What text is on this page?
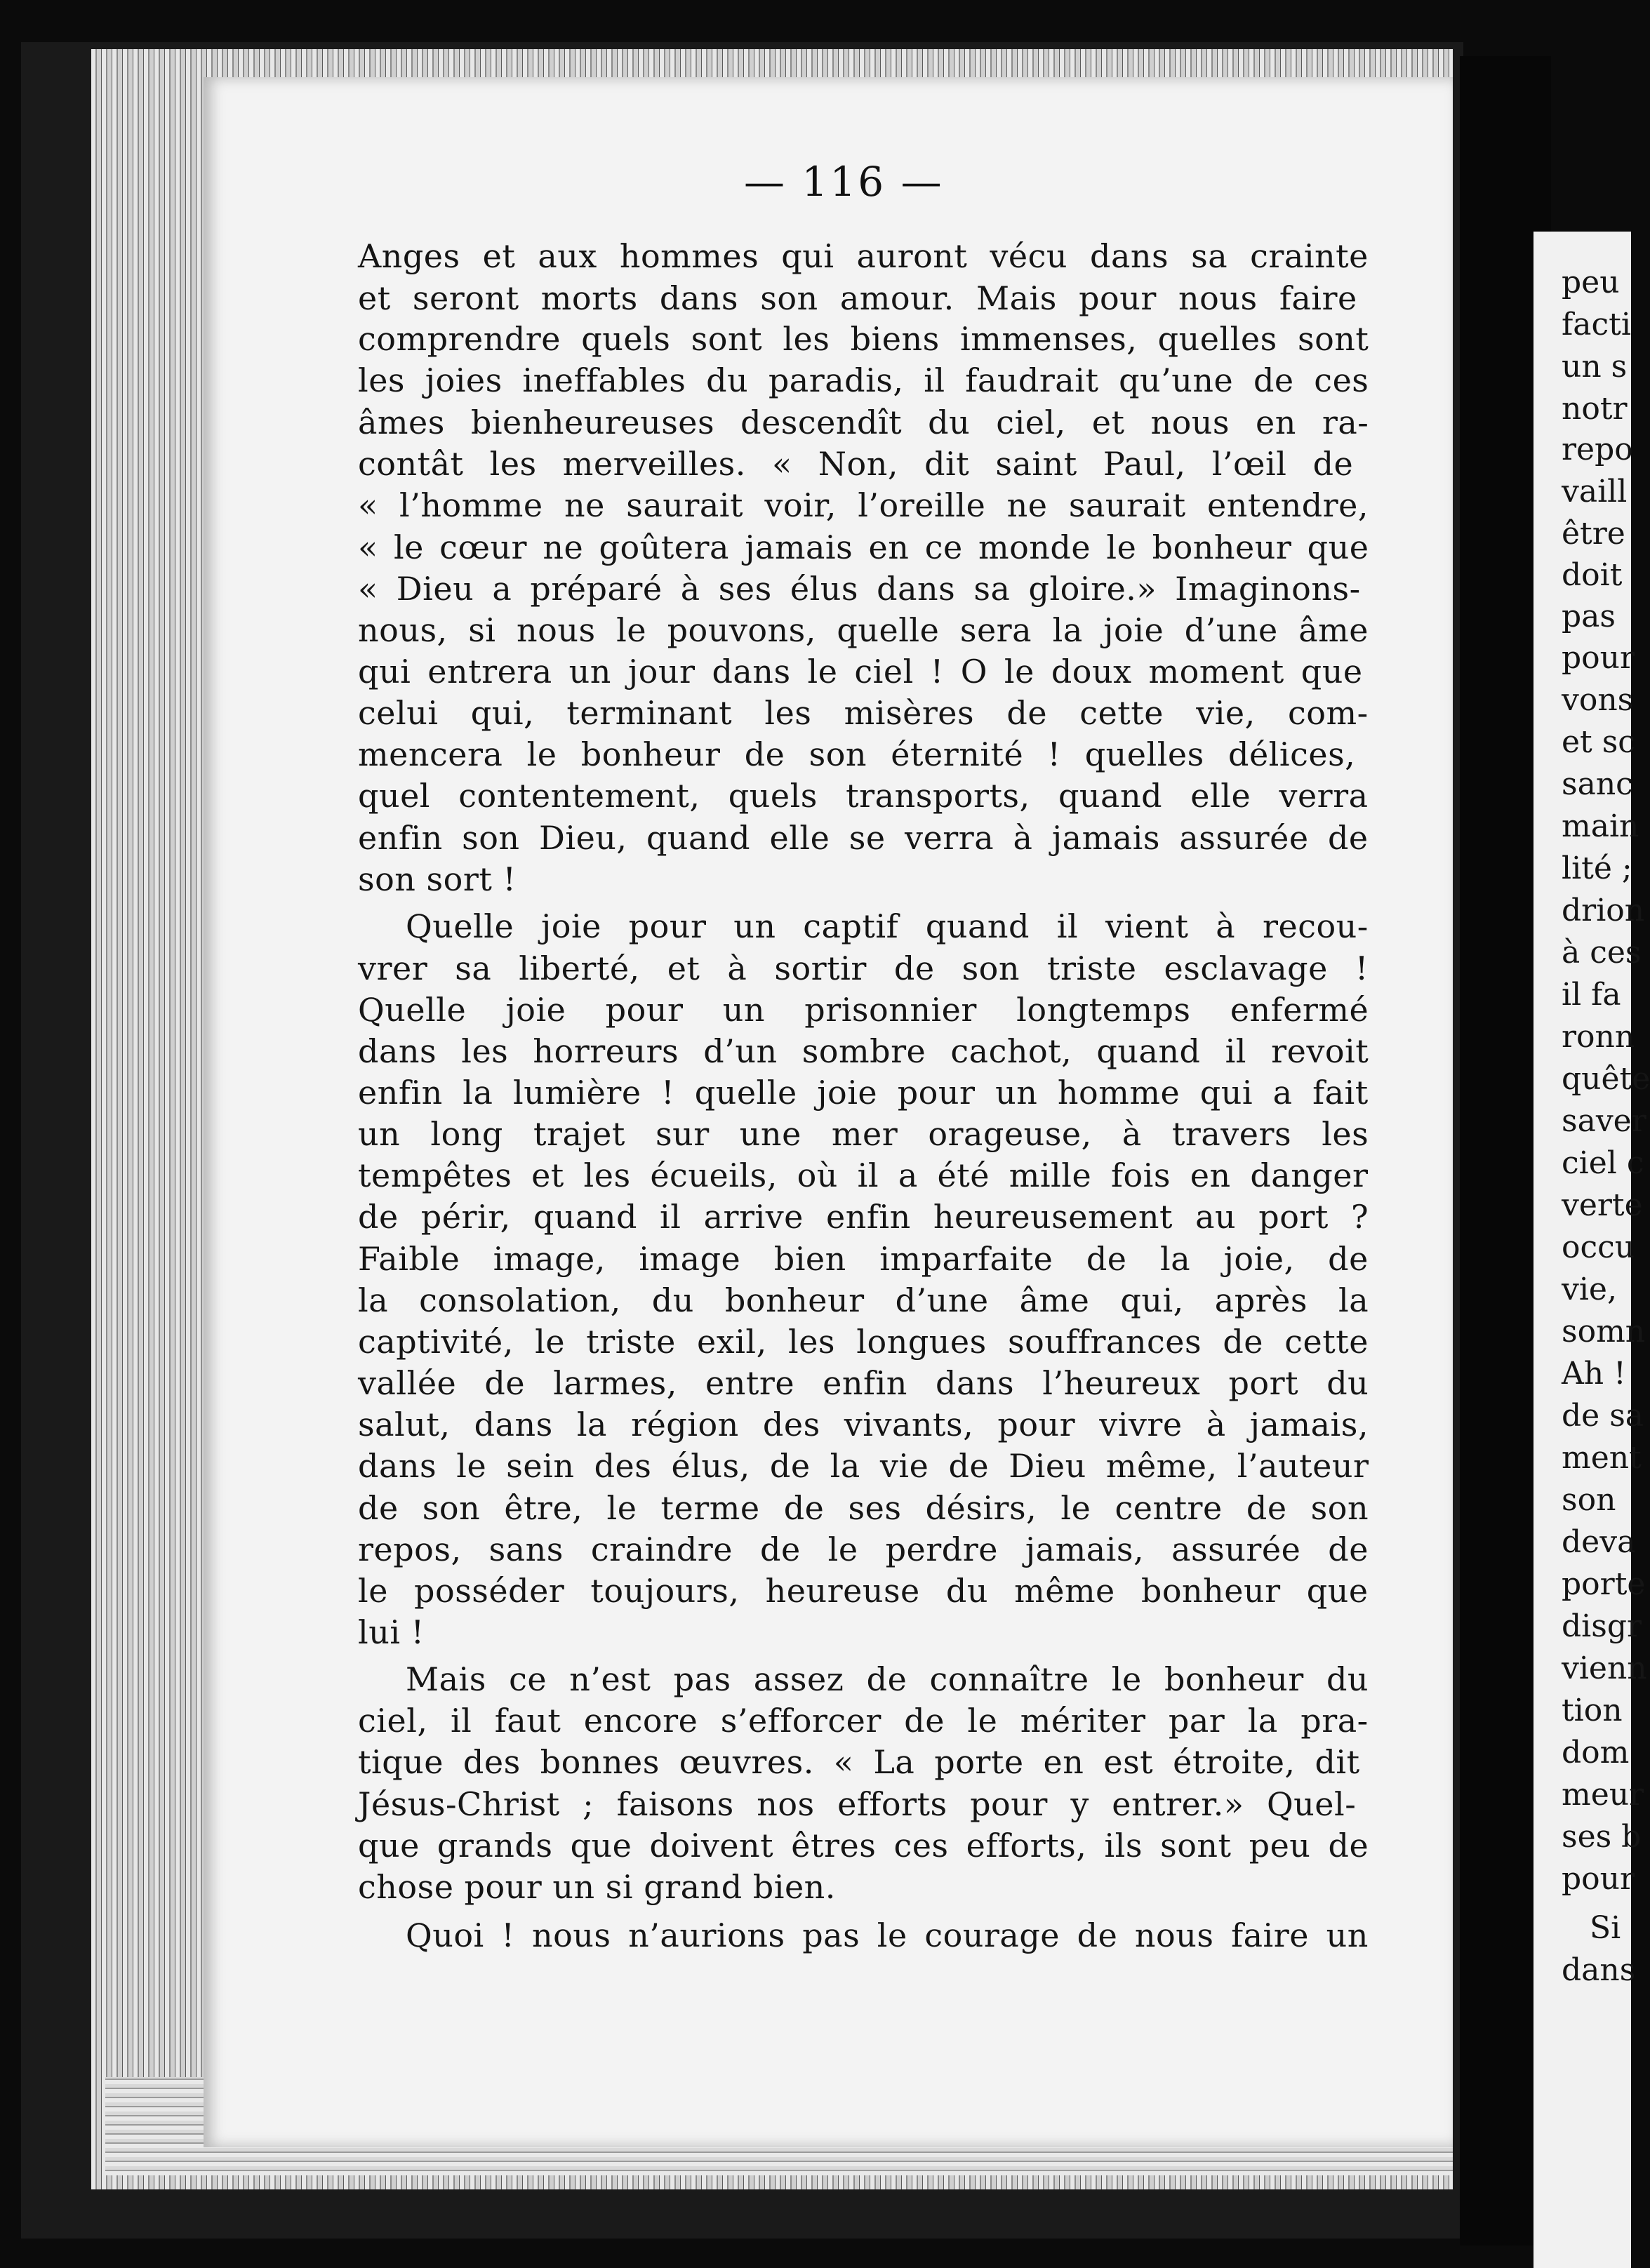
— 116 —
Anges et aux hommes qui auront vécu dans sa crainte
et seront morts dans son amour. Mais pour nous faire
comprendre quels sont les biens immenses, quelles sont
les joies ineffables du paradis, il faudrait qu’une de ces
âmes bienheureuses descendît du ciel, et nous en ra-
contât les merveilles. « Non, dit saint Paul, l’œil de
« l’homme ne saurait voir, l’oreille ne saurait entendre,
« le cœur ne goûtera jamais en ce monde le bonheur que
« Dieu a préparé à ses élus dans sa gloire.» Imaginons-
nous, si nous le pouvons, quelle sera la joie d’une âme
qui entrera un jour dans le ciel ! O le doux moment que
celui qui, terminant les misères de cette vie, com-
mencera le bonheur de son éternité ! quelles délices,
quel contentement, quels transports, quand elle verra
enfin son Dieu, quand elle se verra à jamais assurée de
son sort !
Quelle joie pour un captif quand il vient à recou-
vrer sa liberté, et à sortir de son triste esclavage !
Quelle joie pour un prisonnier longtemps enfermé
dans les horreurs d’un sombre cachot, quand il revoit
enfin la lumière ! quelle joie pour un homme qui a fait
un long trajet sur une mer orageuse, à travers les
tempêtes et les écueils, où il a été mille fois en danger
de périr, quand il arrive enfin heureusement au port ?
Faible image, image bien imparfaite de la joie, de
la consolation, du bonheur d’une âme qui, après la
captivité, le triste exil, les longues souffrances de cette
vallée de larmes, entre enfin dans l’heureux port du
salut, dans la région des vivants, pour vivre à jamais,
dans le sein des élus, de la vie de Dieu même, l’auteur
de son être, le terme de ses désirs, le centre de son
repos, sans craindre de le perdre jamais, assurée de
le posséder toujours, heureuse du même bonheur que
lui !
Mais ce n’est pas assez de connaître le bonheur du
ciel, il faut encore s’efforcer de le mériter par la pra-
tique des bonnes œuvres. « La porte en est étroite, dit
Jésus-Christ ; faisons nos efforts pour y entrer.» Quel-
que grands que doivent êtres ces efforts, ils sont peu de
chose pour un si grand bien.
Quoi ! nous n’aurions pas le courage de nous faire un
peu
facti
un s
notr
repo
vaill
être
doit
pas
pour
vons
et sc
sanc
main
lité ;
drion
à ces
il fa
ronn
quête
saver
ciel c
verte
occu
vie,
somn
Ah !
de sa
ment
son
deva
porte
disgr
vienn
tion
dom
meur
ses b
pour
Si
dans
